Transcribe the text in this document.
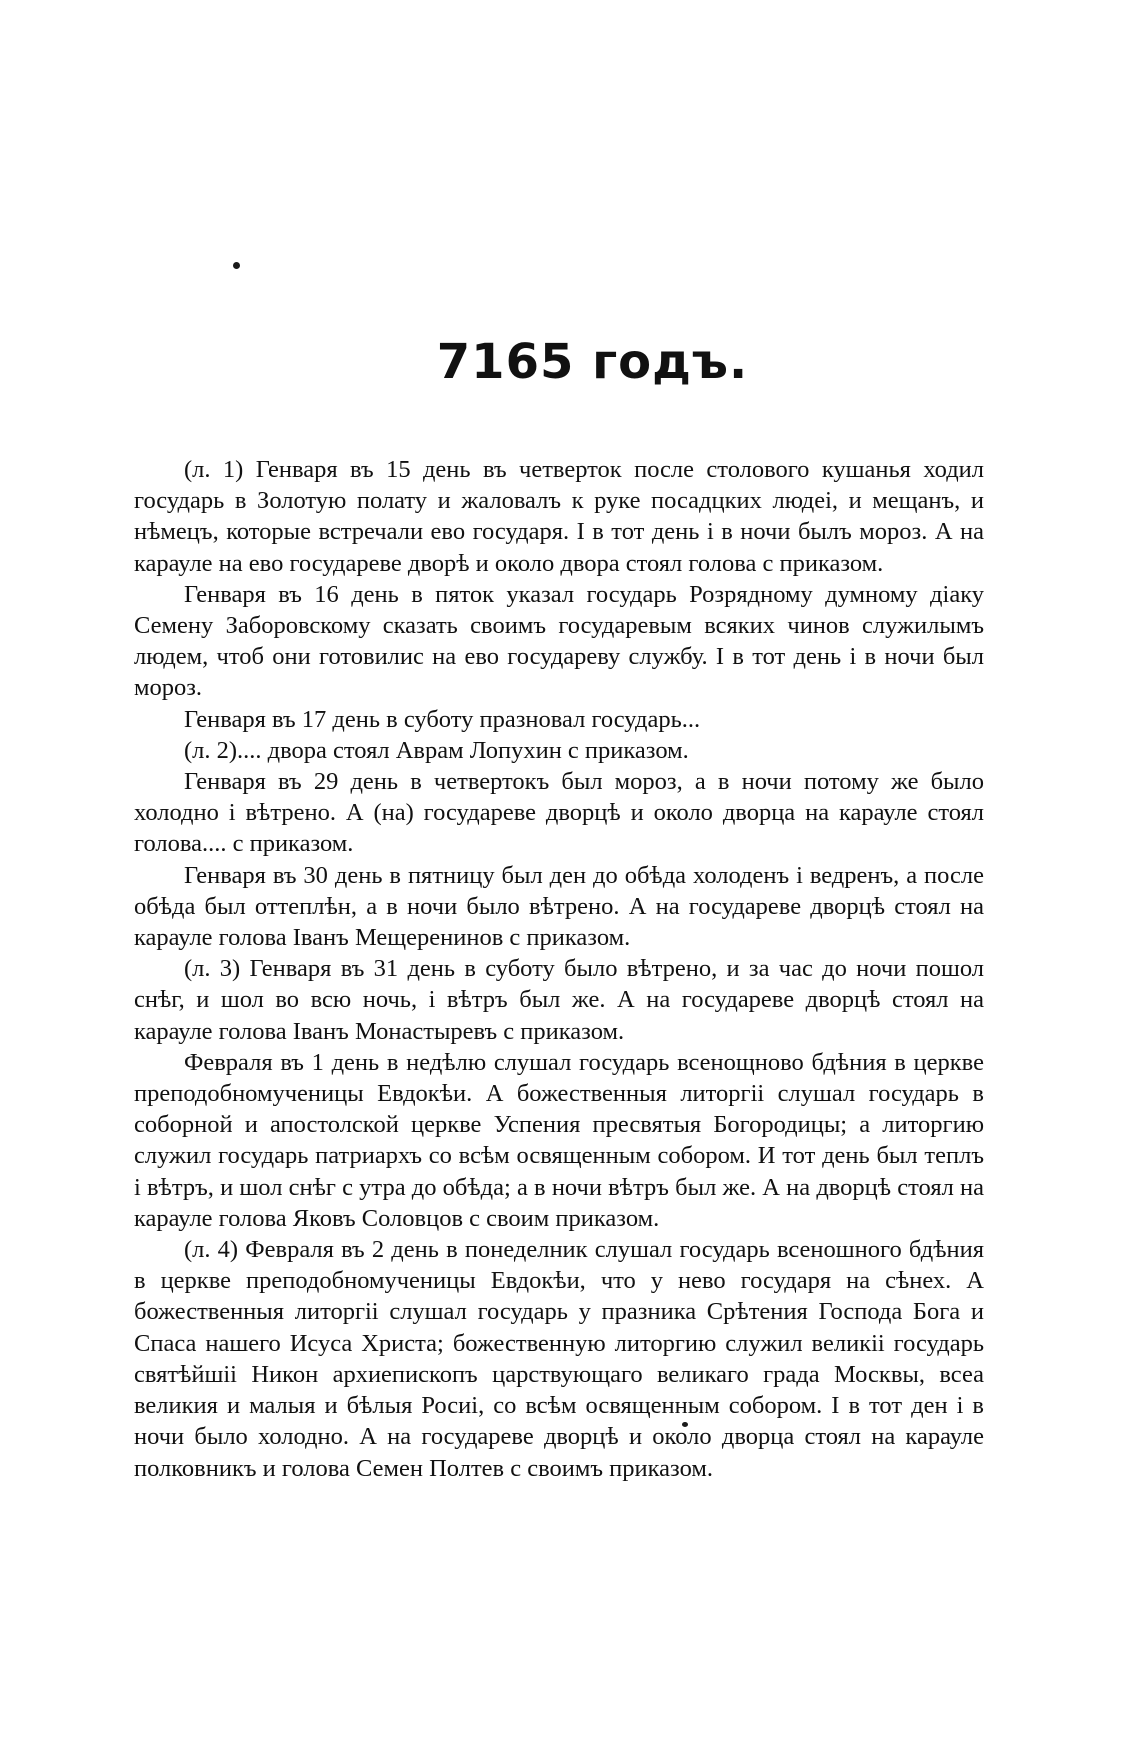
7165 годъ.

(л. 1) Генваря въ 15 день въ четверток после столового кушанья ходил государь в Золотую полату и жаловалъ к руке посадцких людеі, и мещанъ, и нѣмецъ, которые встречали ево государя. І в тот день і в ночи былъ мороз. А на карауле на ево государеве дворѣ и около двора стоял голова с приказом.

Генваря въ 16 день в пяток указал государь Розрядному думному діаку Семену Заборовскому сказать своимъ государевым всяких чинов служилымъ людем, чтоб они готовилис на ево государеву службу. І в тот день і в ночи был мороз.

Генваря въ 17 день в суботу празновал государь...

(л. 2).... двора стоял Аврам Лопухин с приказом.

Генваря въ 29 день в четвертокъ был мороз, а в ночи потому же было холодно і вѣтрено. А (на) государеве дворцѣ и около дворца на карауле стоял голова.... с приказом.

Генваря въ 30 день в пятницу был ден до обѣда холоденъ і ведренъ, а после обѣда был оттеплѣн, а в ночи было вѣтрено. А на государеве дворцѣ стоял на карауле голова Іванъ Мещеренинов с приказом.

(л. 3) Генваря въ 31 день в суботу было вѣтрено, и за час до ночи пошол снѣг, и шол во всю ночь, і вѣтръ был же. А на государеве дворцѣ стоял на карауле голова Іванъ Монастыревъ с приказом.

Февраля въ 1 день в недѣлю слушал государь всенощново бдѣния в церкве преподобномученицы Евдокѣи. А божественныя литоргіі слушал государь в соборной и апостолской церкве Успения пресвятыя Богородицы; а литоргию служил государь патриархъ со всѣм освященным собором. И тот день был теплъ і вѣтръ, и шол снѣг с утра до обѣда; а в ночи вѣтръ был же. А на дворцѣ стоял на карауле голова Яковъ Соловцов с своим приказом.

(л. 4) Февраля въ 2 день в понеделник слушал государь всеношного бдѣния в церкве преподобномученицы Евдокѣи, что у нево государя на сѣнех. А божественныя литоргіі слушал государь у празника Срѣтения Господа Бога и Спаса нашего Исуса Христа; божественную литоргию служил великіі государь святѣйшіі Никон архиепископъ царствующаго великаго града Москвы, всеа великия и малыя и бѣлыя Росиі, со всѣм освященным собором. І в тот ден і в ночи было холодно. А на государеве дворцѣ и около дворца стоял на карауле полковникъ и голова Семен Полтев с своимъ приказом.
